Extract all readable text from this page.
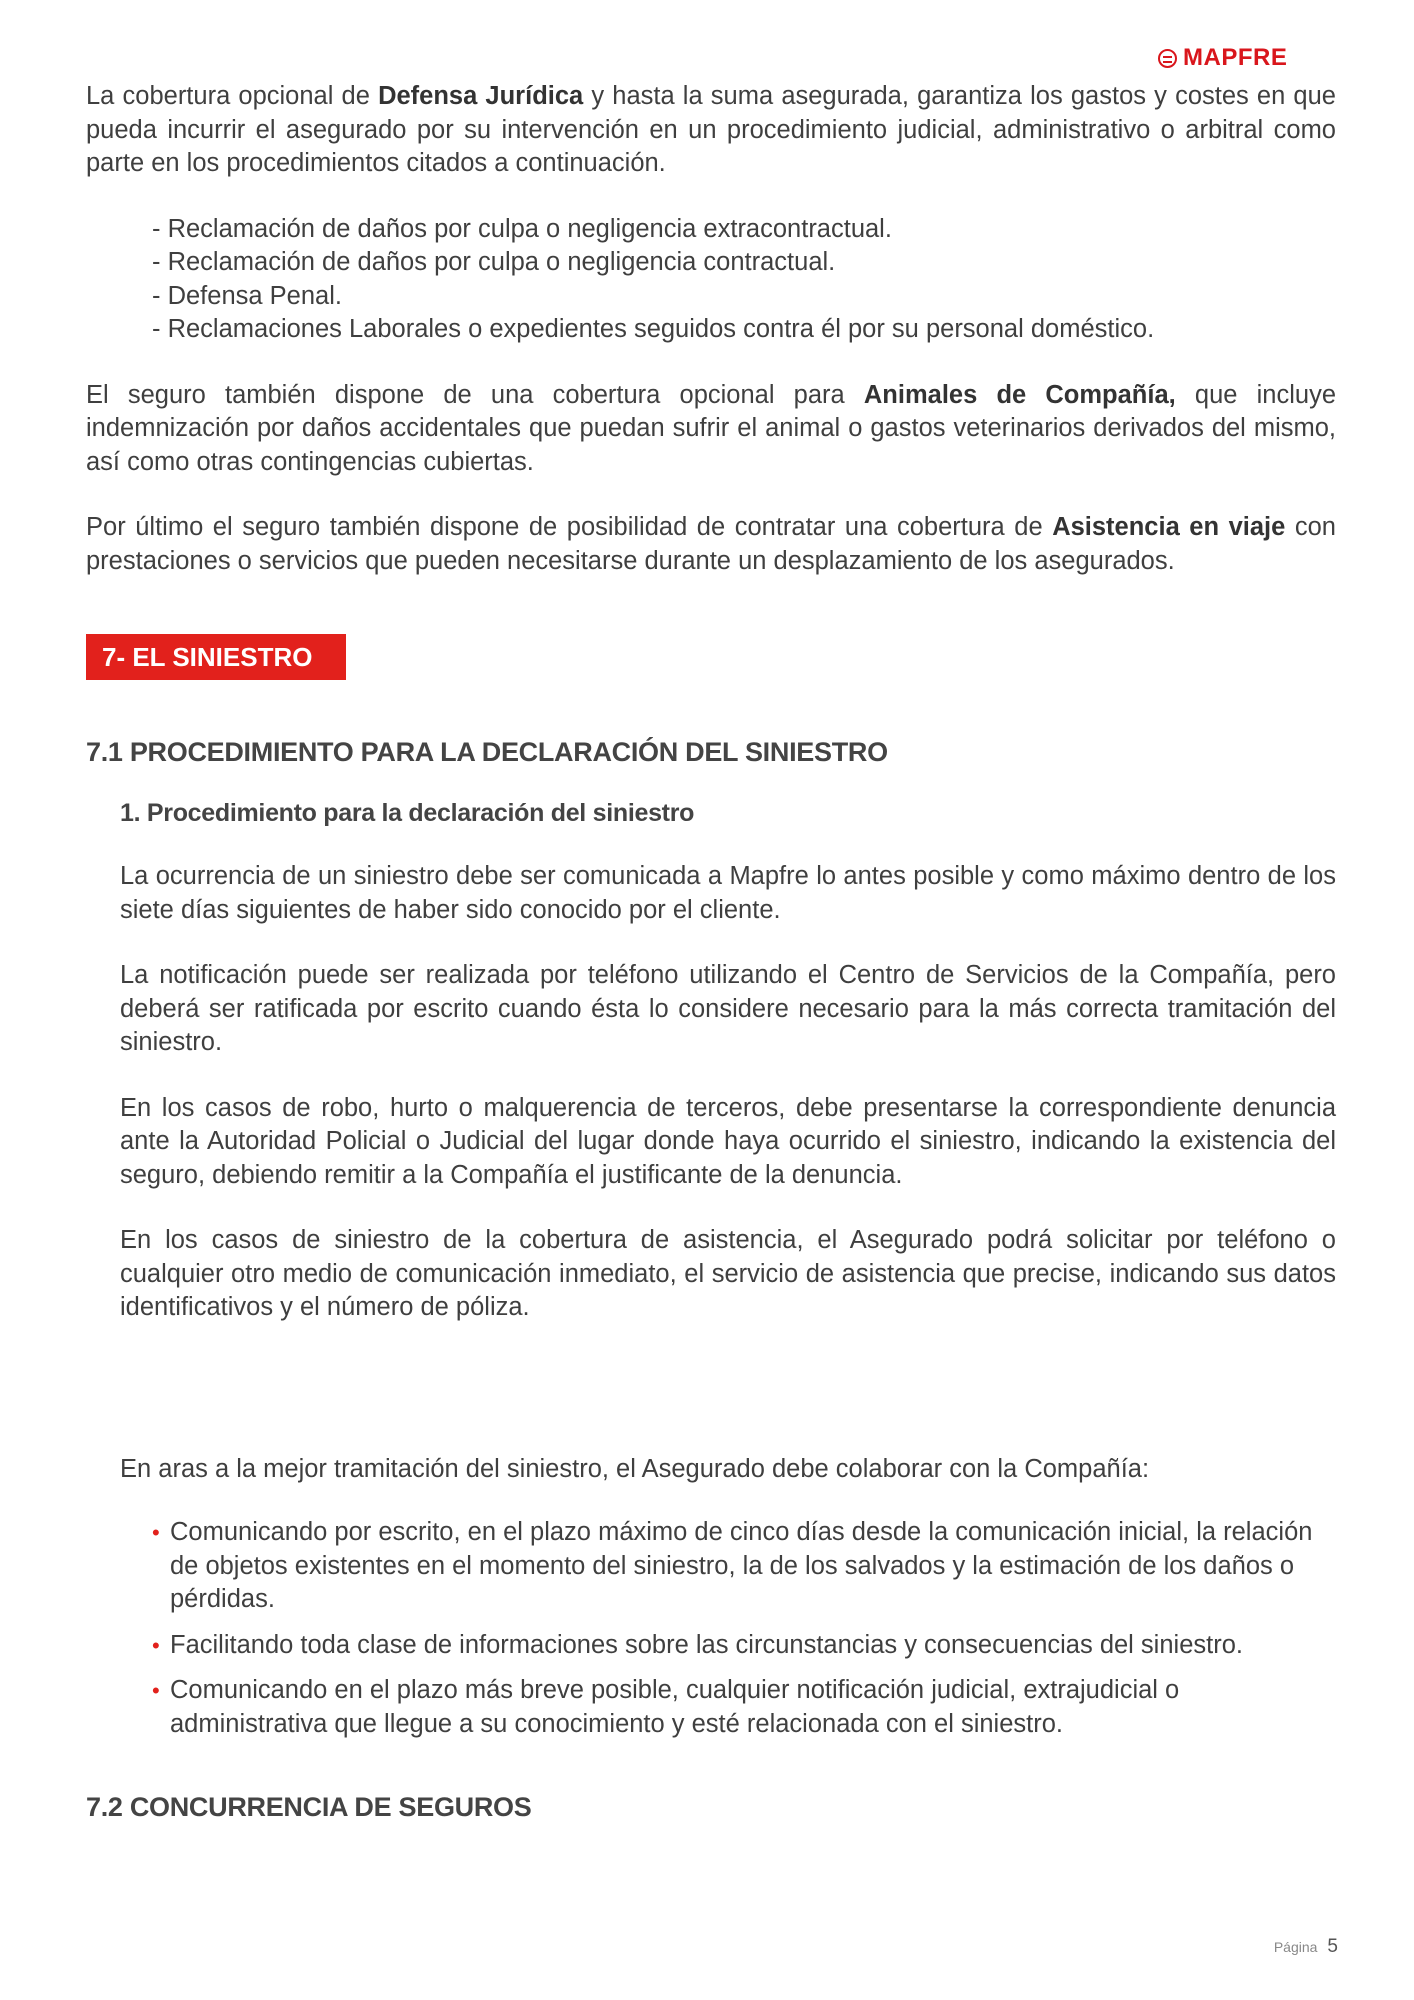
MAPFRE

La cobertura opcional de Defensa Jurídica y hasta la suma asegurada, garantiza los gastos y costes en que pueda incurrir el asegurado por su intervención en un procedimiento judicial, administrativo o arbitral como parte en los procedimientos citados a continuación.

- Reclamación de daños por culpa o negligencia extracontractual.
- Reclamación de daños por culpa o negligencia contractual.
- Defensa Penal.
- Reclamaciones Laborales o expedientes seguidos contra él por su personal doméstico.

El seguro también dispone de una cobertura opcional para Animales de Compañía, que incluye indemnización por daños accidentales que puedan sufrir el animal o gastos veterinarios derivados del mismo, así como otras contingencias cubiertas.

Por último el seguro también dispone de posibilidad de contratar una cobertura de Asistencia en viaje con prestaciones o servicios que pueden necesitarse durante un desplazamiento de los asegurados.

7- EL SINIESTRO
7.1 PROCEDIMIENTO PARA LA DECLARACIÓN DEL SINIESTRO
1. Procedimiento para la declaración del siniestro

La ocurrencia de un siniestro debe ser comunicada a Mapfre lo antes posible y como máximo dentro de los siete días siguientes de haber sido conocido por el cliente.

La notificación puede ser realizada por teléfono utilizando el Centro de Servicios de la Compañía, pero deberá ser ratificada por escrito cuando ésta lo considere necesario para la más correcta tramitación del siniestro.

En los casos de robo, hurto o malquerencia de terceros, debe presentarse la correspondiente denuncia ante la Autoridad Policial o Judicial del lugar donde haya ocurrido el siniestro, indicando la existencia del seguro, debiendo remitir a la Compañía el justificante de la denuncia.

En los casos de siniestro de la cobertura de asistencia, el Asegurado podrá solicitar por teléfono o cualquier otro medio de comunicación inmediato, el servicio de asistencia que precise, indicando sus datos identificativos y el número de póliza.

En aras a la mejor tramitación del siniestro, el Asegurado debe colaborar con la Compañía:

• Comunicando por escrito, en el plazo máximo de cinco días desde la comunicación inicial, la relación de objetos existentes en el momento del siniestro, la de los salvados y la estimación de los daños o pérdidas.
• Facilitando toda clase de informaciones sobre las circunstancias y consecuencias del siniestro.
• Comunicando en el plazo más breve posible, cualquier notificación judicial, extrajudicial o administrativa que llegue a su conocimiento y esté relacionada con el siniestro.
7.2 CONCURRENCIA DE SEGUROS
Página 5
